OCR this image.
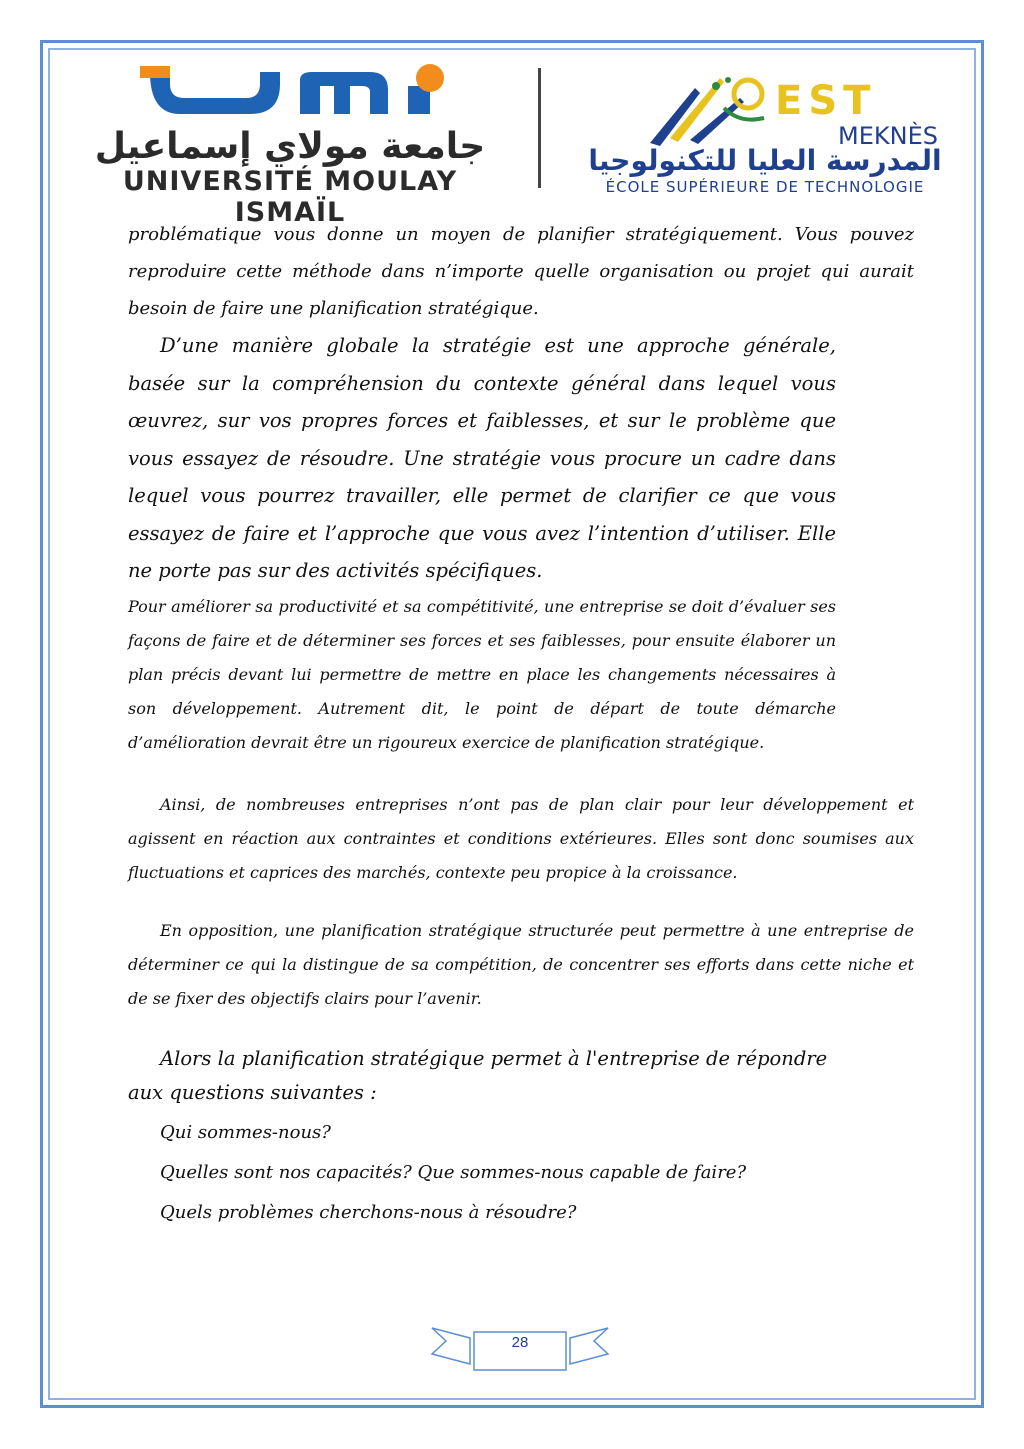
جامعة مولاي إسماعيل
UNIVERSITÉ MOULAY ISMAÏL
EST
MEKNÈS
المدرسة العليا للتكنولوجيا
ÉCOLE SUPÉRIEURE DE TECHNOLOGIE

problématique vous donne un moyen de planifier stratégiquement. Vous pouvez reproduire cette méthode dans n’importe quelle organisation ou projet qui aurait besoin de faire une planification stratégique.

D’une manière globale la stratégie est une approche générale, basée sur la compréhension du contexte général dans lequel vous œuvrez, sur vos propres forces et faiblesses, et sur le problème que vous essayez de résoudre. Une stratégie vous procure un cadre dans lequel vous pourrez travailler, elle permet de clarifier ce que vous essayez de faire et l’approche que vous avez l’intention d’utiliser. Elle ne porte pas sur des activités spécifiques.

Pour améliorer sa productivité et sa compétitivité, une entreprise se doit d’évaluer ses façons de faire et de déterminer ses forces et ses faiblesses, pour ensuite élaborer un plan précis devant lui permettre de mettre en place les changements nécessaires à son développement. Autrement dit, le point de départ de toute démarche d’amélioration devrait être un rigoureux exercice de planification stratégique.

Ainsi, de nombreuses entreprises n’ont pas de plan clair pour leur développement et agissent en réaction aux contraintes et conditions extérieures. Elles sont donc soumises aux fluctuations et caprices des marchés, contexte peu propice à la croissance.

En opposition, une planification stratégique structurée peut permettre à une entreprise de déterminer ce qui la distingue de sa compétition, de concentrer ses efforts dans cette niche et de se fixer des objectifs clairs pour l’avenir.

Alors la planification stratégique permet à l'entreprise de répondre aux questions suivantes :

Qui sommes-nous?

Quelles sont nos capacités? Que sommes-nous capable de faire?

Quels problèmes cherchons-nous à résoudre?

28
